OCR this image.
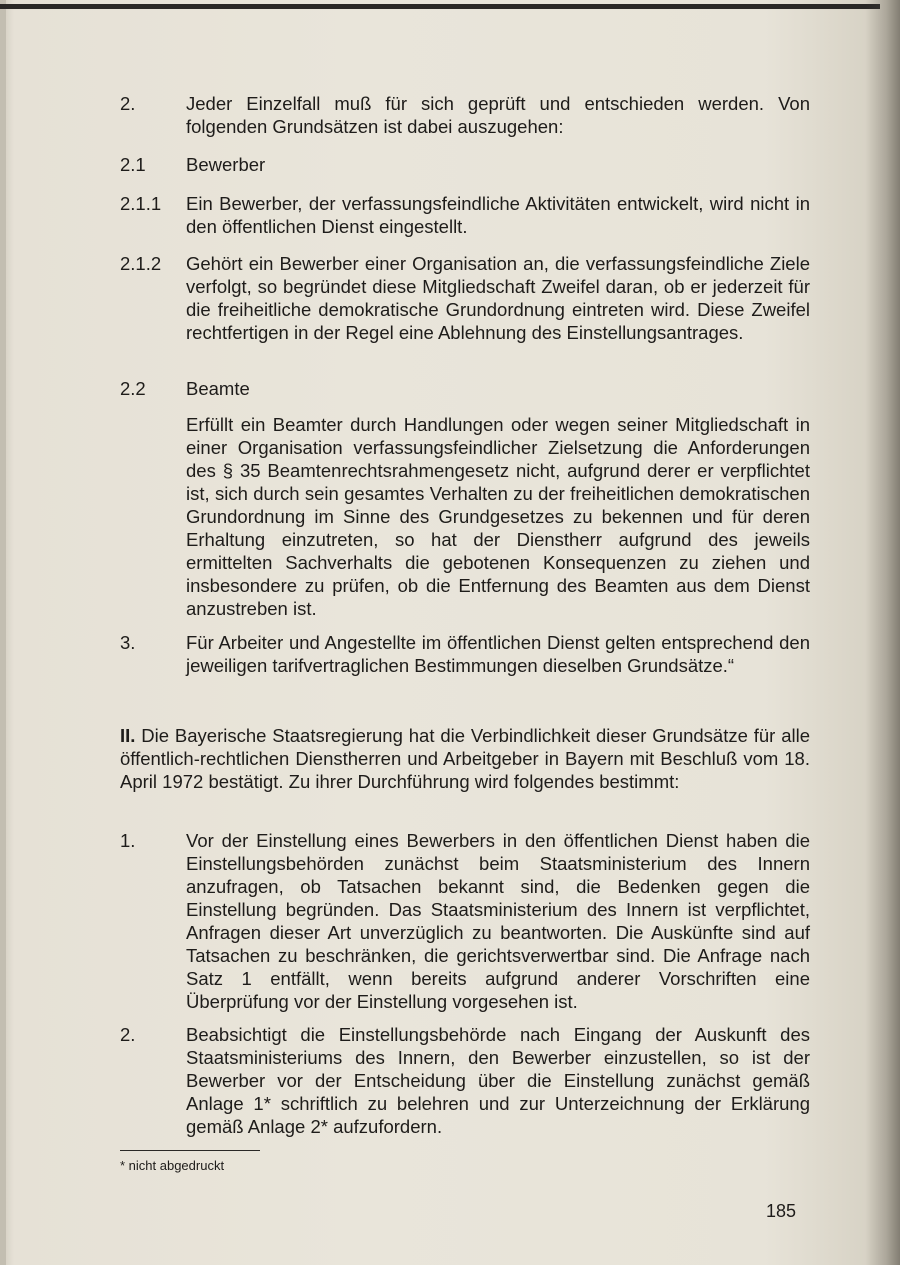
2.	Jeder Einzelfall muß für sich geprüft und entschieden werden. Von folgenden Grundsätzen ist dabei auszugehen:
2.1	Bewerber
2.1.1	Ein Bewerber, der verfassungsfeindliche Aktivitäten entwickelt, wird nicht in den öffentlichen Dienst eingestellt.
2.1.2	Gehört ein Bewerber einer Organisation an, die verfassungsfeindliche Ziele verfolgt, so begründet diese Mitgliedschaft Zweifel daran, ob er jederzeit für die freiheitliche demokratische Grundordnung eintreten wird. Diese Zweifel rechtfertigen in der Regel eine Ablehnung des Einstellungsantrages.
2.2	Beamte
Erfüllt ein Beamter durch Handlungen oder wegen seiner Mitgliedschaft in einer Organisation verfassungsfeindlicher Zielsetzung die Anforderungen des § 35 Beamtenrechtsrahmengesetz nicht, aufgrund derer er verpflichtet ist, sich durch sein gesamtes Verhalten zu der freiheitlichen demokratischen Grundordnung im Sinne des Grundgesetzes zu bekennen und für deren Erhaltung einzutreten, so hat der Dienstherr aufgrund des jeweils ermittelten Sachverhalts die gebotenen Konsequenzen zu ziehen und insbesondere zu prüfen, ob die Entfernung des Beamten aus dem Dienst anzustreben ist.
3.	Für Arbeiter und Angestellte im öffentlichen Dienst gelten entsprechend den jeweiligen tarifvertraglichen Bestimmungen dieselben Grundsätze.“
II. Die Bayerische Staatsregierung hat die Verbindlichkeit dieser Grundsätze für alle öffentlich-rechtlichen Dienstherren und Arbeitgeber in Bayern mit Beschluß vom 18. April 1972 bestätigt. Zu ihrer Durchführung wird folgendes bestimmt:
1.	Vor der Einstellung eines Bewerbers in den öffentlichen Dienst haben die Einstellungsbehörden zunächst beim Staatsministerium des Innern anzufragen, ob Tatsachen bekannt sind, die Bedenken gegen die Einstellung begründen. Das Staatsministerium des Innern ist verpflichtet, Anfragen dieser Art unverzüglich zu beantworten. Die Auskünfte sind auf Tatsachen zu beschränken, die gerichtsverwertbar sind. Die Anfrage nach Satz 1 entfällt, wenn bereits aufgrund anderer Vorschriften eine Überprüfung vor der Einstellung vorgesehen ist.
2.	Beabsichtigt die Einstellungsbehörde nach Eingang der Auskunft des Staatsministeriums des Innern, den Bewerber einzustellen, so ist der Bewerber vor der Entscheidung über die Einstellung zunächst gemäß Anlage 1* schriftlich zu belehren und zur Unterzeichnung der Erklärung gemäß Anlage 2* aufzufordern.
* nicht abgedruckt
185
